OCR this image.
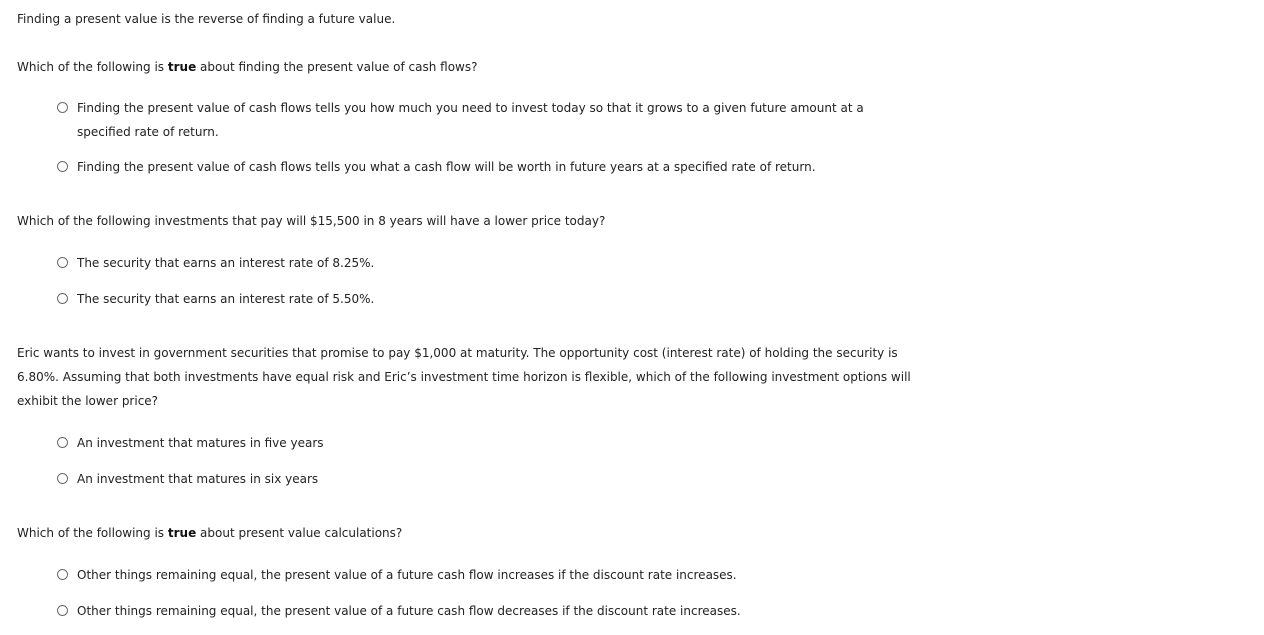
Finding a present value is the reverse of finding a future value.
Which of the following is true about finding the present value of cash flows?
Finding the present value of cash flows tells you how much you need to invest today so that it grows to a given future amount at a specified rate of return.
Finding the present value of cash flows tells you what a cash flow will be worth in future years at a specified rate of return.
Which of the following investments that pay will $15,500 in 8 years will have a lower price today?
The security that earns an interest rate of 8.25%.
The security that earns an interest rate of 5.50%.
Eric wants to invest in government securities that promise to pay $1,000 at maturity. The opportunity cost (interest rate) of holding the security is 6.80%. Assuming that both investments have equal risk and Eric’s investment time horizon is flexible, which of the following investment options will exhibit the lower price?
An investment that matures in five years
An investment that matures in six years
Which of the following is true about present value calculations?
Other things remaining equal, the present value of a future cash flow increases if the discount rate increases.
Other things remaining equal, the present value of a future cash flow decreases if the discount rate increases.
